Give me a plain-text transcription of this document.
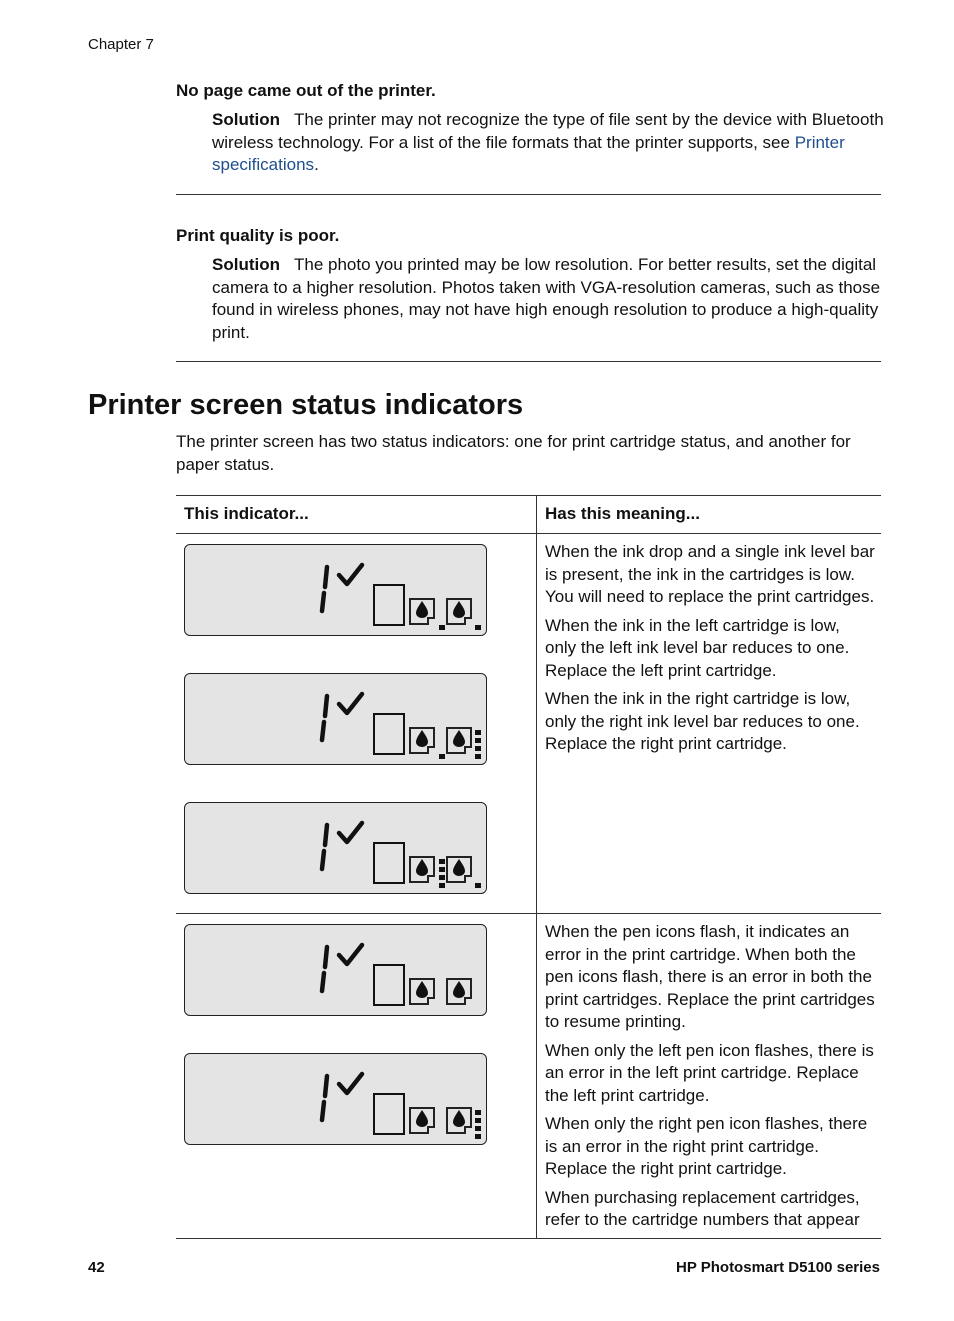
Chapter 7
No page came out of the printer.
Solution The printer may not recognize the type of file sent by the device with Bluetooth wireless technology. For a list of the file formats that the printer supports, see Printer specifications.
Print quality is poor.
Solution The photo you printed may be low resolution. For better results, set the digital camera to a higher resolution. Photos taken with VGA-resolution cameras, such as those found in wireless phones, may not have high enough resolution to produce a high-quality print.
Printer screen status indicators
The printer screen has two status indicators: one for print cartridge status, and another for paper status.
This indicator...	Has this meaning...

When the ink drop and a single ink level bar is present, the ink in the cartridges is low. You will need to replace the print cartridges.

When the ink in the left cartridge is low, only the left ink level bar reduces to one. Replace the left print cartridge.

When the ink in the right cartridge is low, only the right ink level bar reduces to one. Replace the right print cartridge.

When the pen icons flash, it indicates an error in the print cartridge. When both the pen icons flash, there is an error in both the print cartridges. Replace the print cartridges to resume printing.

When only the left pen icon flashes, there is an error in the left print cartridge. Replace the left print cartridge.

When only the right pen icon flashes, there is an error in the right print cartridge. Replace the right print cartridge.

When purchasing replacement cartridges, refer to the cartridge numbers that appear

42	HP Photosmart D5100 series
